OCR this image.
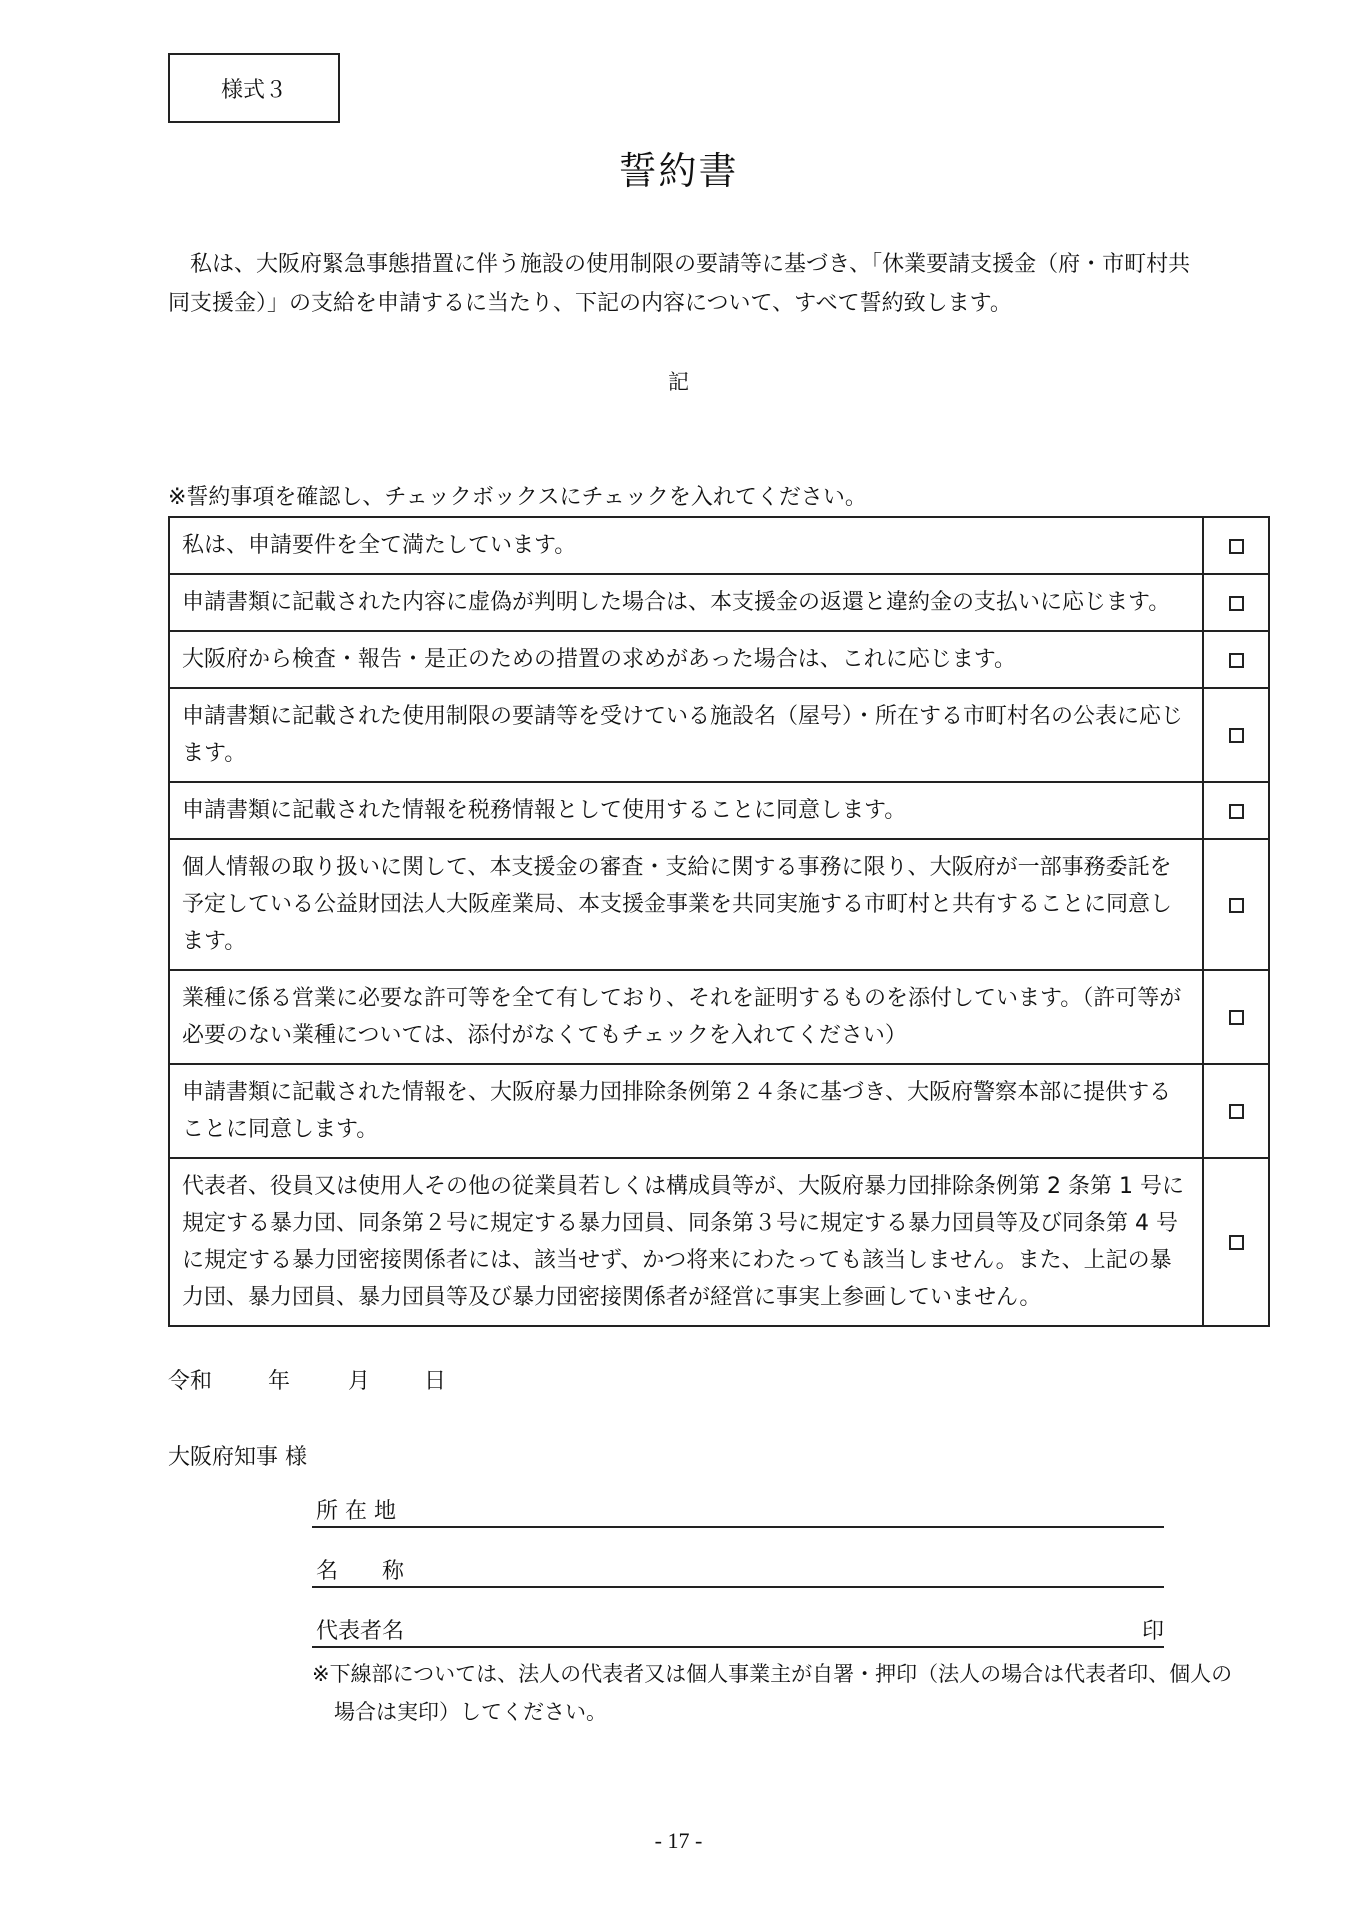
様式３
誓約書
私は、大阪府緊急事態措置に伴う施設の使用制限の要請等に基づき、「休業要請支援金（府・市町村共同支援金）」の支給を申請するに当たり、下記の内容について、すべて誓約致します。
記
※誓約事項を確認し、チェックボックスにチェックを入れてください。
私は、申請要件を全て満たしています。	
申請書類に記載された内容に虚偽が判明した場合は、本支援金の返還と違約金の支払いに応じます。	
大阪府から検査・報告・是正のための措置の求めがあった場合は、これに応じます。	
申請書類に記載された使用制限の要請等を受けている施設名（屋号）・所在する市町村名の公表に応じます。	
申請書類に記載された情報を税務情報として使用することに同意します。	
個人情報の取り扱いに関して、本支援金の審査・支給に関する事務に限り、大阪府が一部事務委託を予定している公益財団法人大阪産業局、本支援金事業を共同実施する市町村と共有することに同意します。	
業種に係る営業に必要な許可等を全て有しており、それを証明するものを添付しています。（許可等が必要のない業種については、添付がなくてもチェックを入れてください）	
申請書類に記載された情報を、大阪府暴力団排除条例第２４条に基づき、大阪府警察本部に提供することに同意します。	
代表者、役員又は使用人その他の従業員若しくは構成員等が、大阪府暴力団排除条例第 2 条第 1 号に規定する暴力団、同条第２号に規定する暴力団員、同条第３号に規定する暴力団員等及び同条第 4 号に規定する暴力団密接関係者には、該当せず、かつ将来にわたっても該当しません。また、上記の暴力団、暴力団員、暴力団員等及び暴力団密接関係者が経営に事実上参画していません。	
令和	年	月	日
大阪府知事 様
所 在 地
名　　称
代表者名	印
※下線部については、法人の代表者又は個人事業主が自署・押印（法人の場合は代表者印、個人の場合は実印）してください。
- 17 -
